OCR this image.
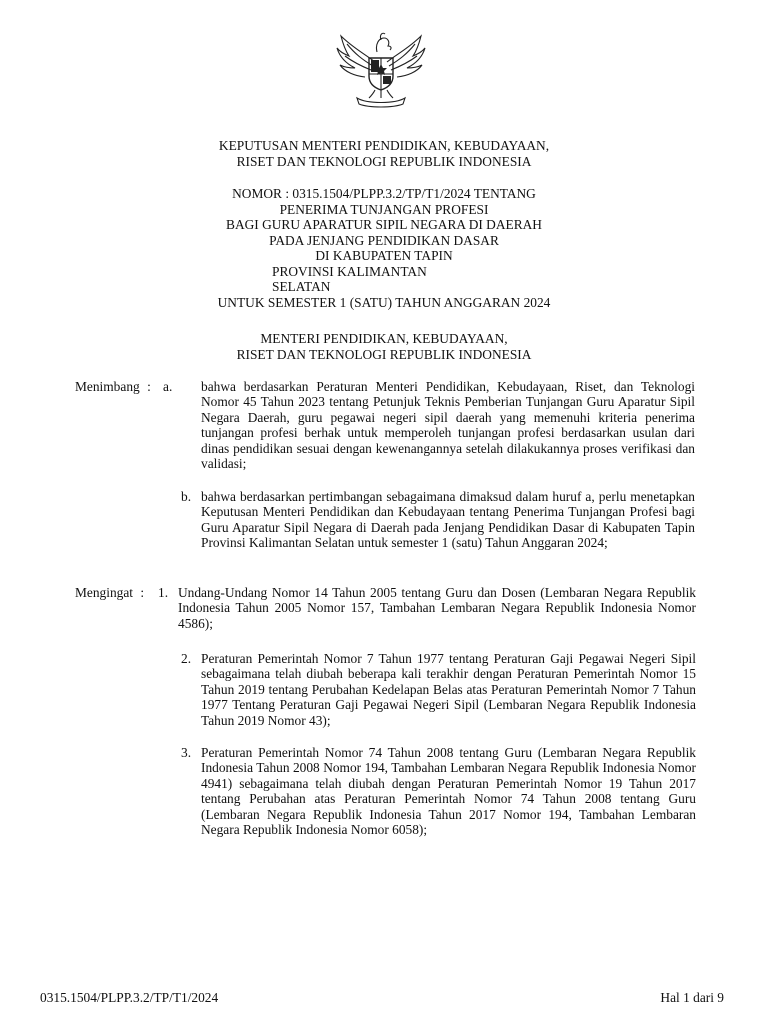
KEPUTUSAN MENTERI PENDIDIKAN, KEBUDAYAAN,
RISET DAN TEKNOLOGI REPUBLIK INDONESIA
NOMOR : 0315.1504/PLPP.3.2/TP/T1/2024 TENTANG
PENERIMA TUNJANGAN PROFESI
BAGI GURU APARATUR SIPIL NEGARA DI DAERAH
PADA JENJANG PENDIDIKAN DASAR
DI KABUPATEN TAPIN
PROVINSI KALIMANTAN
SELATAN
UNTUK SEMESTER 1 (SATU) TAHUN ANGGARAN 2024
MENTERI PENDIDIKAN, KEBUDAYAAN,
RISET DAN TEKNOLOGI REPUBLIK INDONESIA
Menimbang : a. bahwa berdasarkan Peraturan Menteri Pendidikan, Kebudayaan, Riset, dan Teknologi Nomor 45 Tahun 2023 tentang Petunjuk Teknis Pemberian Tunjangan Guru Aparatur Sipil Negara Daerah, guru pegawai negeri sipil daerah yang memenuhi kriteria penerima tunjangan profesi berhak untuk memperoleh tunjangan profesi berdasarkan usulan dari dinas pendidikan sesuai dengan kewenangannya setelah dilakukannya proses verifikasi dan validasi;

b. bahwa berdasarkan pertimbangan sebagaimana dimaksud dalam huruf a, perlu menetapkan Keputusan Menteri Pendidikan dan Kebudayaan tentang Penerima Tunjangan Profesi bagi Guru Aparatur Sipil Negara di Daerah pada Jenjang Pendidikan Dasar di Kabupaten Tapin Provinsi Kalimantan Selatan untuk semester 1 (satu) Tahun Anggaran 2024;

Mengingat : 1. Undang-Undang Nomor 14 Tahun 2005 tentang Guru dan Dosen (Lembaran Negara Republik Indonesia Tahun 2005 Nomor 157, Tambahan Lembaran Negara Republik Indonesia Nomor 4586);

2. Peraturan Pemerintah Nomor 7 Tahun 1977 tentang Peraturan Gaji Pegawai Negeri Sipil sebagaimana telah diubah beberapa kali terakhir dengan Peraturan Pemerintah Nomor 15 Tahun 2019 tentang Perubahan Kedelapan Belas atas Peraturan Pemerintah Nomor 7 Tahun 1977 Tentang Peraturan Gaji Pegawai Negeri Sipil (Lembaran Negara Republik Indonesia Tahun 2019 Nomor 43);

3. Peraturan Pemerintah Nomor 74 Tahun 2008 tentang Guru (Lembaran Negara Republik Indonesia Tahun 2008 Nomor 194, Tambahan Lembaran Negara Republik Indonesia Nomor 4941) sebagaimana telah diubah dengan Peraturan Pemerintah Nomor 19 Tahun 2017 tentang Perubahan atas Peraturan Pemerintah Nomor 74 Tahun 2008 tentang Guru (Lembaran Negara Republik Indonesia Tahun 2017 Nomor 194, Tambahan Lembaran Negara Republik Indonesia Nomor 6058);

0315.1504/PLPP.3.2/TP/T1/2024	Hal 1 dari 9
